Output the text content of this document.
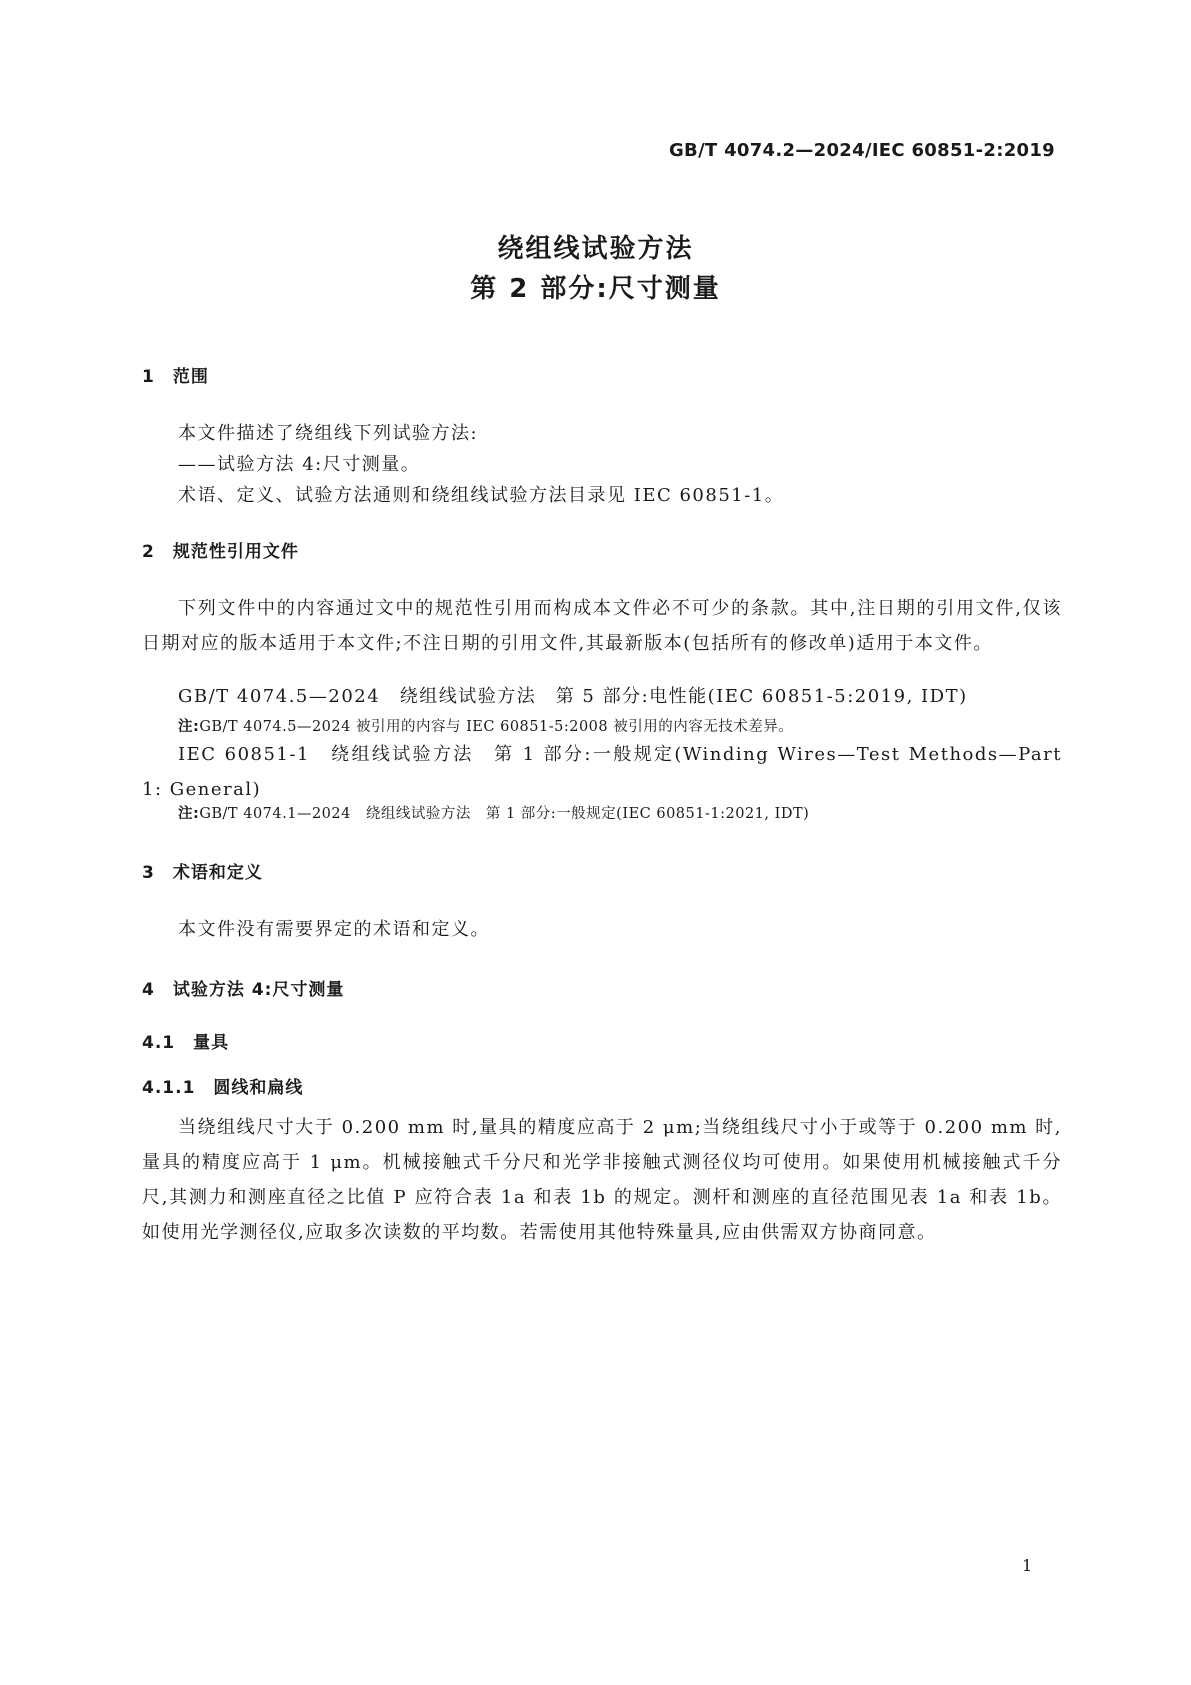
GB/T 4074.2—2024/IEC 60851-2:2019
绕组线试验方法
第 2 部分:尺寸测量
1　范围
本文件描述了绕组线下列试验方法:
——试验方法 4:尺寸测量。
术语、定义、试验方法通则和绕组线试验方法目录见 IEC 60851-1。
2　规范性引用文件
下列文件中的内容通过文中的规范性引用而构成本文件必不可少的条款。其中,注日期的引用文件,仅该日期对应的版本适用于本文件;不注日期的引用文件,其最新版本(包括所有的修改单)适用于本文件。
GB/T 4074.5—2024　绕组线试验方法　第 5 部分:电性能(IEC 60851-5:2019, IDT)
注:GB/T 4074.5—2024 被引用的内容与 IEC 60851-5:2008 被引用的内容无技术差异。
IEC 60851-1　绕组线试验方法　第 1 部分:一般规定(Winding Wires—Test Methods—Part 1: General)
注:GB/T 4074.1—2024　绕组线试验方法　第 1 部分:一般规定(IEC 60851-1:2021, IDT)
3　术语和定义
本文件没有需要界定的术语和定义。
4　试验方法 4:尺寸测量
4.1　量具
4.1.1　圆线和扁线
当绕组线尺寸大于 0.200 mm 时,量具的精度应高于 2 μm;当绕组线尺寸小于或等于 0.200 mm 时,量具的精度应高于 1 μm。机械接触式千分尺和光学非接触式测径仪均可使用。如果使用机械接触式千分尺,其测力和测座直径之比值 P 应符合表 1a 和表 1b 的规定。测杆和测座的直径范围见表 1a 和表 1b。如使用光学测径仪,应取多次读数的平均数。若需使用其他特殊量具,应由供需双方协商同意。
1
